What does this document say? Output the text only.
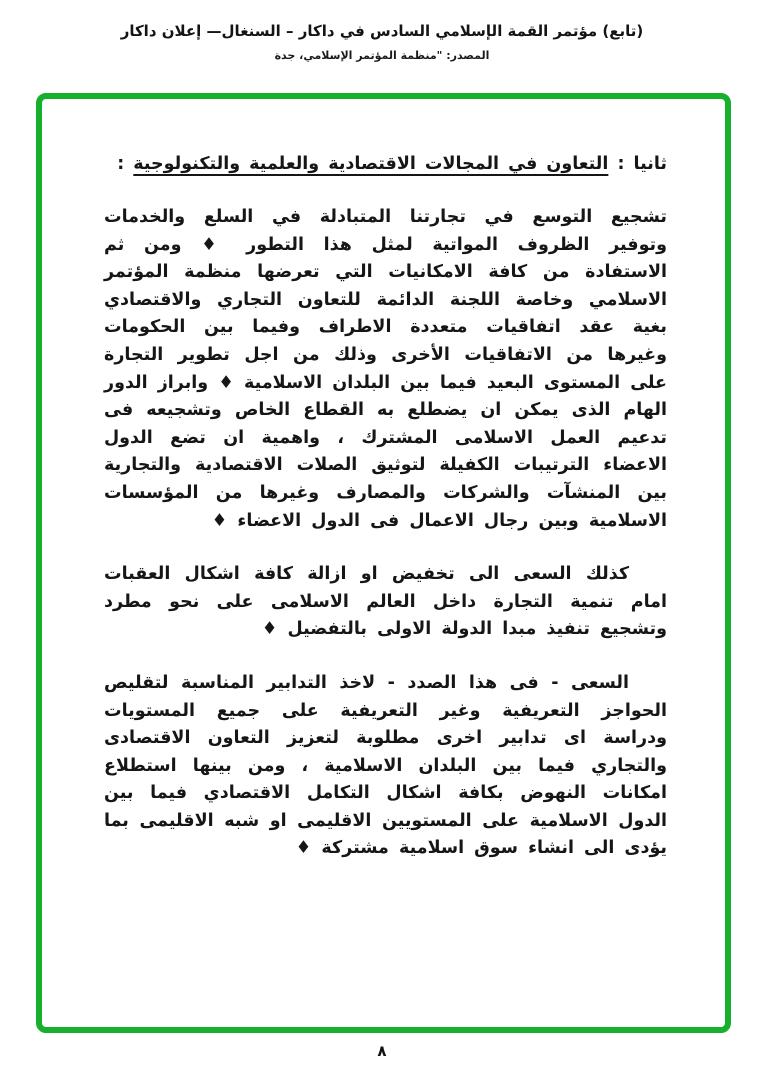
(تابع) مؤتمر القمة الإسلامي السادس في داكار – السنغال— إعلان داكار
المصدر: "منظمة المؤتمر الإسلامي، جدة
ثانيا : التعاون في المجالات الاقتصادية والعلمية والتكنولوجية :

تشجيع التوسع في تجارتنا المتبادلة في السلع والخدمات وتوفير الظروف المواتية لمثل هذا التطور ♦ ومن ثم الاستفادة من كافة الامكانيات التي تعرضها منظمة المؤتمر الاسلامي وخاصة اللجنة الدائمة للتعاون التجاري والاقتصادي بغية عقد اتفاقيات متعددة الاطراف وفيما بين الحكومات وغيرها من الاتفاقيات الأخرى وذلك من اجل تطوير التجارة على المستوى البعيد فيما بين البلدان الاسلامية ♦ وابراز الدور الهام الذى يمكن ان يضطلع به القطاع الخاص وتشجيعه فى تدعيم العمل الاسلامى المشترك ، واهمية ان تضع الدول الاعضاء الترتيبات الكفيلة لتوثيق الصلات الاقتصادية والتجارية بين المنشآت والشركات والمصارف وغيرها من المؤسسات الاسلامية وبين رجال الاعمال فى الدول الاعضاء ♦

كذلك السعى الى تخفيض او ازالة كافة اشكال العقبات امام تنمية التجارة داخل العالم الاسلامى على نحو مطرد وتشجيع تنفيذ مبدا الدولة الاولى بالتفضيل ♦

السعى - فى هذا الصدد - لاخذ التدابير المناسبة لتقليص الحواجز التعريفية وغير التعريفية على جميع المستويات ودراسة اى تدابير اخرى مطلوبة لتعزيز التعاون الاقتصادى والتجاري فيما بين البلدان الاسلامية ، ومن بينها استطلاع امكانات النهوض بكافة اشكال التكامل الاقتصادي فيما بين الدول الاسلامية على المستويين الاقليمى او شبه الاقليمى بما يؤدى الى انشاء سوق اسلامية مشتركة ♦

٨
